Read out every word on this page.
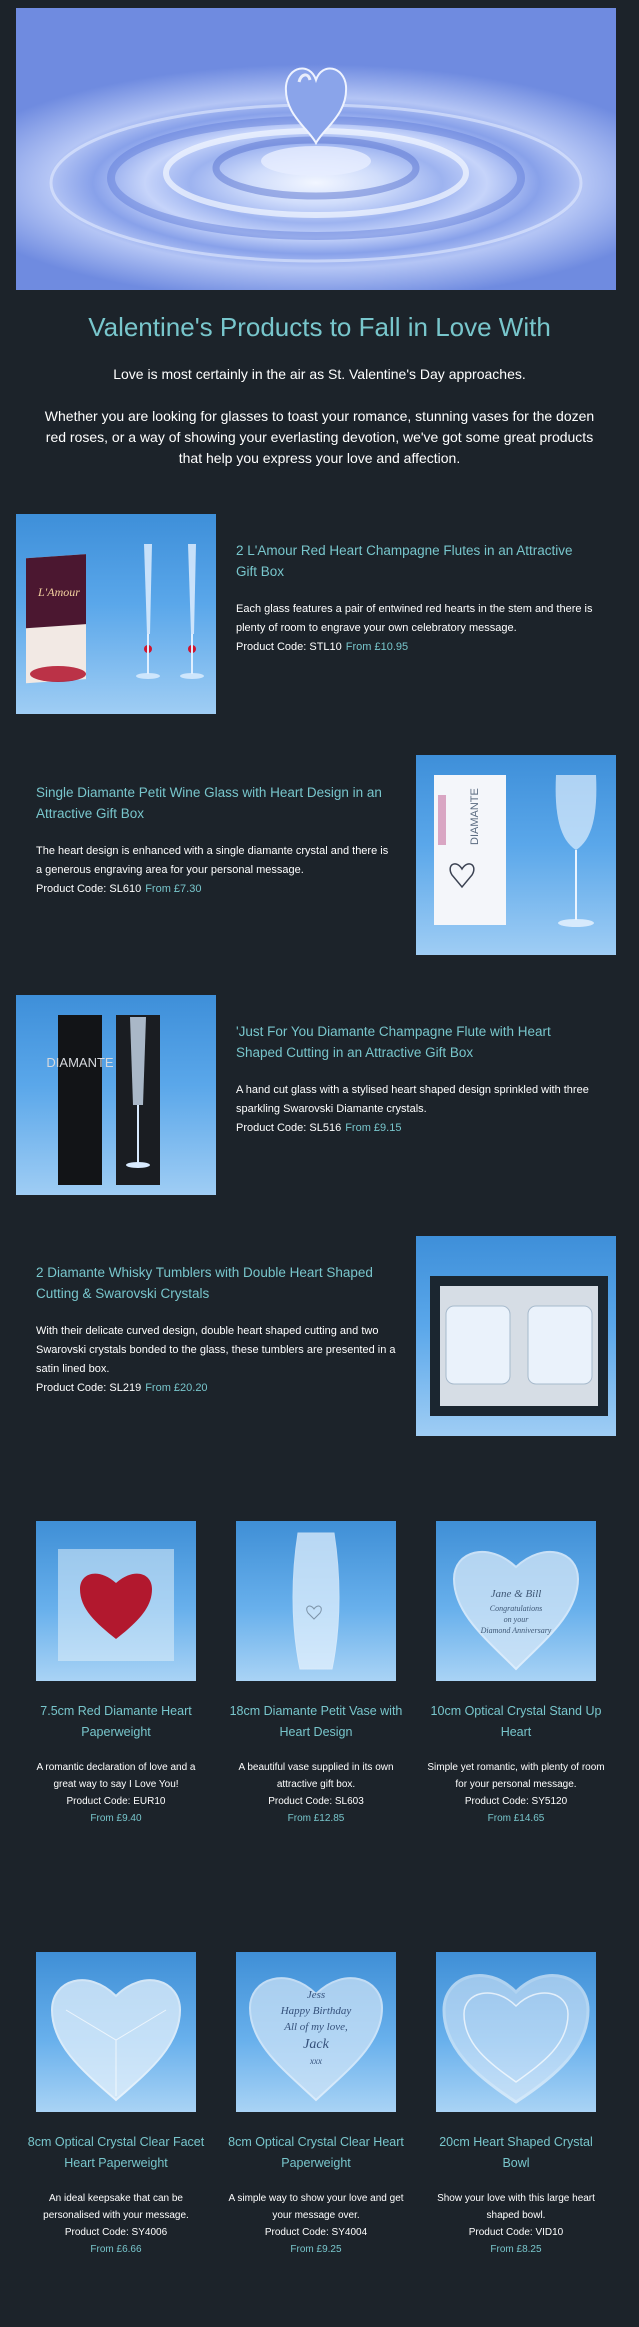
Valentine's Products to Fall in Love With

Love is most certainly in the air as St. Valentine's Day approaches.

Whether you are looking for glasses to toast your romance, stunning vases for the dozen red roses, or a way of showing your everlasting devotion, we've got some great products that help you express your love and affection.

L'Amour
2 L'Amour Red Heart Champagne Flutes in an Attractive Gift Box
Each glass features a pair of entwined red hearts in the stem and there is plenty of room to engrave your own celebratory message.
Product Code: STL10 From £10.95
Single Diamante Petit Wine Glass with Heart Design in an Attractive Gift Box
The heart design is enhanced with a single diamante crystal and there is a generous engraving area for your personal message.
Product Code: SL610 From £7.30
DIAMANTE
DIAMANTE
'Just For You Diamante Champagne Flute with Heart Shaped Cutting in an Attractive Gift Box
A hand cut glass with a stylised heart shaped design sprinkled with three sparkling Swarovski Diamante crystals.
Product Code: SL516 From £9.15
2 Diamante Whisky Tumblers with Double Heart Shaped Cutting & Swarovski Crystals
With their delicate curved design, double heart shaped cutting and two Swarovski crystals bonded to the glass, these tumblers are presented in a satin lined box.
Product Code: SL219 From £20.20
Jane & Bill
Congratulations
on your
Diamond Anniversary
7.5cm Red Diamante Heart Paperweight
A romantic declaration of love and a great way to say I Love You!
Product Code: EUR10
From £9.40
18cm Diamante Petit Vase with Heart Design
A beautiful vase supplied in its own attractive gift box.
Product Code: SL603
From £12.85
10cm Optical Crystal Stand Up Heart
Simple yet romantic, with plenty of room for your personal message.
Product Code: SY5120
From £14.65
Jess
Happy Birthday
All of my love,
Jack
xxx
8cm Optical Crystal Clear Facet Heart Paperweight
An ideal keepsake that can be personalised with your message.
Product Code: SY4006
From £6.66
8cm Optical Crystal Clear Heart Paperweight
A simple way to show your love and get your message over.
Product Code: SY4004
From £9.25
20cm Heart Shaped Crystal Bowl
Show your love with this large heart shaped bowl.
Product Code: VID10
From £8.25
